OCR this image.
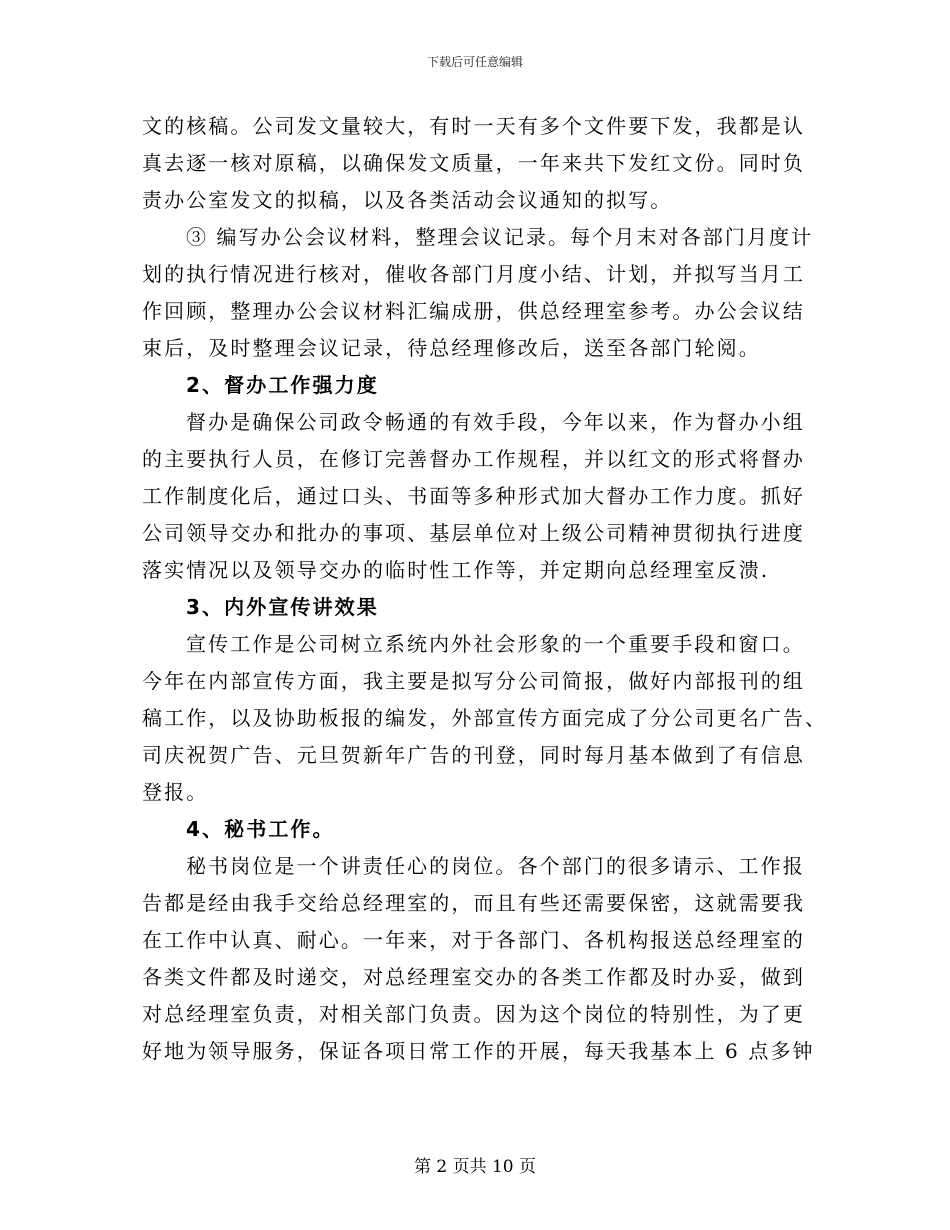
下载后可任意编辑
文的核稿。公司发文量较大，有时一天有多个文件要下发，我都是认
真去逐一核对原稿，以确保发文质量，一年来共下发红文份。同时负
责办公室发文的拟稿，以及各类活动会议通知的拟写。
③ 编写办公会议材料，整理会议记录。每个月末对各部门月度计
划的执行情况进行核对，催收各部门月度小结、计划，并拟写当月工
作回顾，整理办公会议材料汇编成册，供总经理室参考。办公会议结
束后，及时整理会议记录，待总经理修改后，送至各部门轮阅。
2、督办工作强力度
督办是确保公司政令畅通的有效手段，今年以来，作为督办小组
的主要执行人员，在修订完善督办工作规程，并以红文的形式将督办
工作制度化后，通过口头、书面等多种形式加大督办工作力度。抓好
公司领导交办和批办的事项、基层单位对上级公司精神贯彻执行进度
落实情况以及领导交办的临时性工作等，并定期向总经理室反溃.
3、内外宣传讲效果
宣传工作是公司树立系统内外社会形象的一个重要手段和窗口。
今年在内部宣传方面，我主要是拟写分公司简报，做好内部报刊的组
稿工作，以及协助板报的编发，外部宣传方面完成了分公司更名广告、
司庆祝贺广告、元旦贺新年广告的刊登，同时每月基本做到了有信息
登报。
4、秘书工作。
秘书岗位是一个讲责任心的岗位。各个部门的很多请示、工作报
告都是经由我手交给总经理室的，而且有些还需要保密，这就需要我
在工作中认真、耐心。一年来，对于各部门、各机构报送总经理室的
各类文件都及时递交，对总经理室交办的各类工作都及时办妥，做到
对总经理室负责，对相关部门负责。因为这个岗位的特别性，为了更
好地为领导服务，保证各项日常工作的开展，每天我基本上 6 点多钟
第 2 页共 10 页
